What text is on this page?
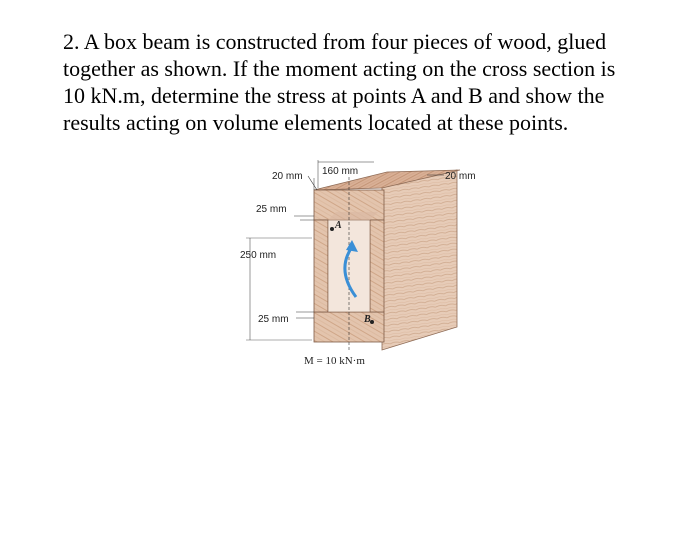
2. A box beam is constructed from four pieces of wood, glued
together as shown. If the moment acting on the cross section is
10 kN.m, determine the stress at points A and B and show the
results acting on volume elements located at these points.

A
B
20 mm 160 mm	20 mm
25 mm
250 mm
25 mm
M = 10 kN·m
